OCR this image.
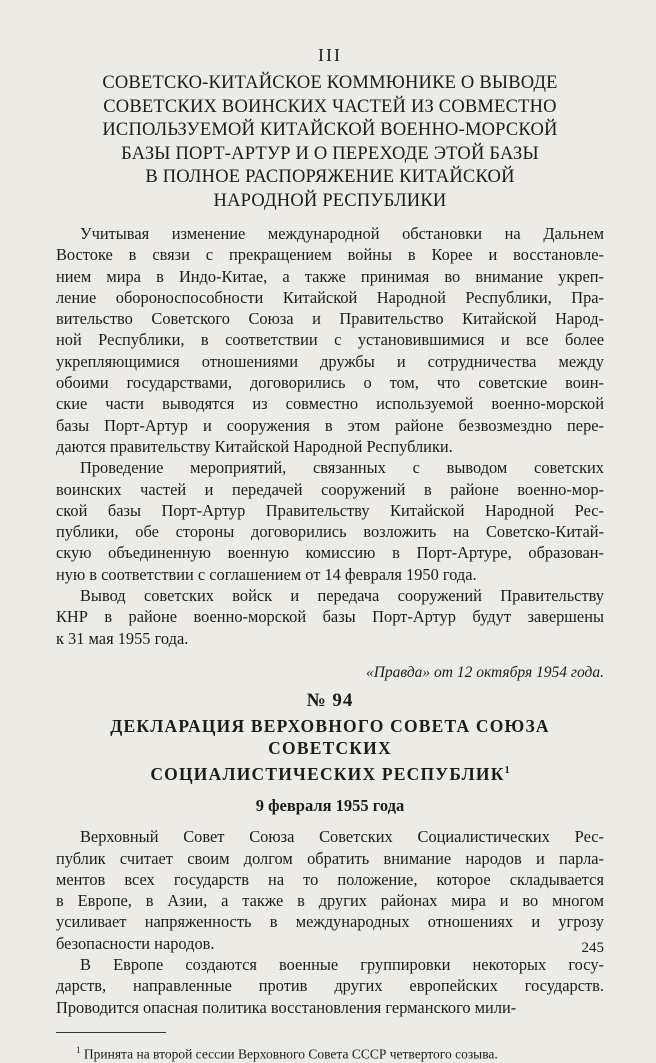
III
СОВЕТСКО-КИТАЙСКОЕ КОММЮНИКЕ О ВЫВОДЕ
СОВЕТСКИХ ВОИНСКИХ ЧАСТЕЙ ИЗ СОВМЕСТНО
ИСПОЛЬЗУЕМОЙ КИТАЙСКОЙ ВОЕННО-МОРСКОЙ
БАЗЫ ПОРТ-АРТУР И О ПЕРЕХОДЕ ЭТОЙ БАЗЫ
В ПОЛНОЕ РАСПОРЯЖЕНИЕ КИТАЙСКОЙ
НАРОДНОЙ РЕСПУБЛИКИ

Учитывая изменение международной обстановки на Дальнем
Востоке в связи с прекращением войны в Корее и восстановле-
нием мира в Индо-Китае, а также принимая во внимание укреп-
ление обороноспособности Китайской Народной Республики, Пра-
вительство Советского Союза и Правительство Китайской Народ-
ной Республики, в соответствии с установившимися и все более
укрепляющимися отношениями дружбы и сотрудничества между
обоими государствами, договорились о том, что советские воин-
ские части выводятся из совместно используемой военно-морской
базы Порт-Артур и сооружения в этом районе безвозмездно пере-
даются правительству Китайской Народной Республики.

Проведение мероприятий, связанных с выводом советских
воинских частей и передачей сооружений в районе военно-мор-
ской базы Порт-Артур Правительству Китайской Народной Рес-
публики, обе стороны договорились возложить на Советско-Китай-
скую объединенную военную комиссию в Порт-Артуре, образован-
ную в соответствии с соглашением от 14 февраля 1950 года.

Вывод советских войск и передача сооружений Правительству
КНР в районе военно-морской базы Порт-Артур будут завершены
к 31 мая 1955 года.

«Правда» от 12 октября 1954 года.
№ 94
ДЕКЛАРАЦИЯ ВЕРХОВНОГО СОВЕТА СОЮЗА СОВЕТСКИХ
СОЦИАЛИСТИЧЕСКИХ РЕСПУБЛИК$^1$
9 февраля 1955 года

Верховный Совет Союза Советских Социалистических Рес-
публик считает своим долгом обратить внимание народов и парла-
ментов всех государств на то положение, которое складывается
в Европе, в Азии, а также в других районах мира и во многом
усиливает напряженность в международных отношениях и угрозу
безопасности народов.

В Европе создаются военные группировки некоторых госу-
дарств, направленные против других европейских государств.
Проводится опасная политика восстановления германского мили-

$^1$ Принята на второй сессии Верховного Совета СССР четвертого созыва.
245
